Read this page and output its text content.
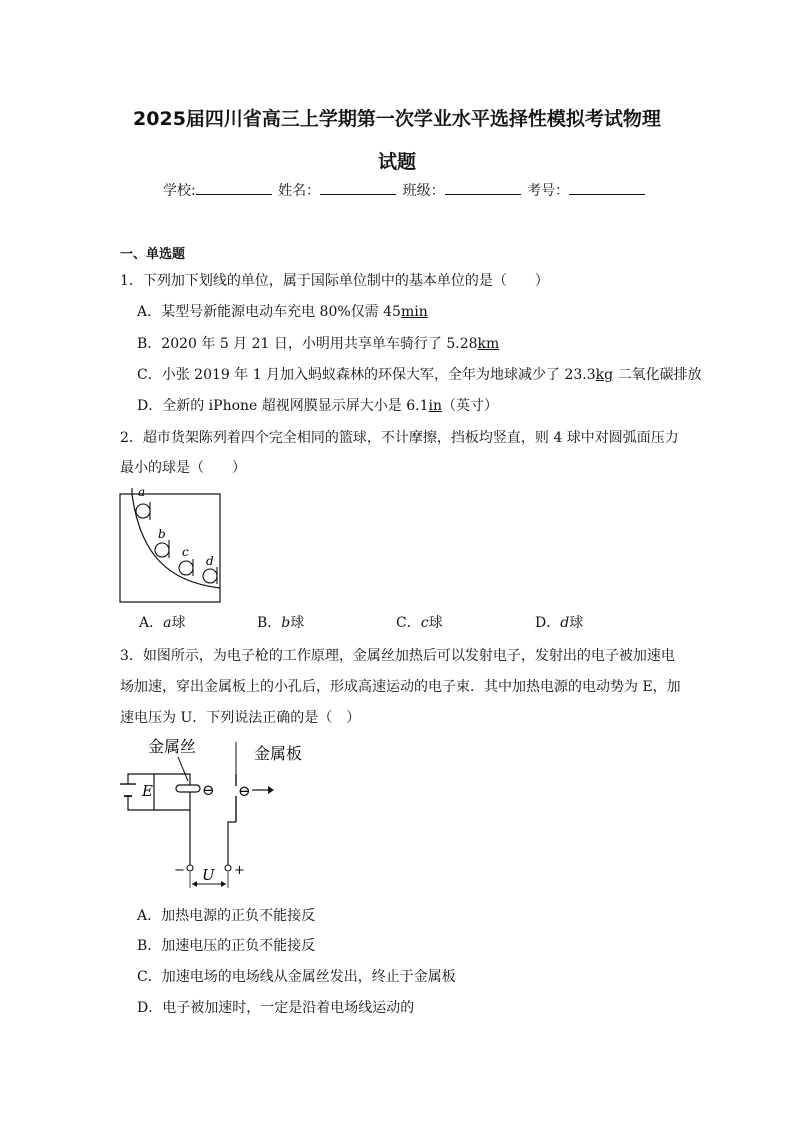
2025届四川省高三上学期第一次学业水平选择性模拟考试物理
试题
学校:	姓名：	班级：	考号：
一、单选题
1．下列加下划线的单位，属于国际单位制中的基本单位的是（　　）
A．某型号新能源电动车充电 80%仅需 45min
B．2020 年 5 月 21 日，小明用共享单车骑行了 5.28km
C．小张 2019 年 1 月加入蚂蚁森林的环保大军，全年为地球减少了 23.3kg 二氧化碳排放
D．全新的 iPhone 超视网膜显示屏大小是 6.1in（英寸）
2．超市货架陈列着四个完全相同的篮球，不计摩擦，挡板均竖直，则 4 球中对圆弧面压力
最小的球是（　　）
a
b
c
d
A．a球	B．b球	C．c球	D．d球
3．如图所示，为电子枪的工作原理，金属丝加热后可以发射电子，发射出的电子被加速电
场加速，穿出金属板上的小孔后，形成高速运动的电子束．其中加热电源的电动势为 E，加
速电压为 U．下列说法正确的是（　）
金属丝	金属板
E	⊖
−	+
⊖
U
A．加热电源的正负不能接反
B．加速电压的正负不能接反
C．加速电场的电场线从金属丝发出，终止于金属板
D．电子被加速时，一定是沿着电场线运动的
